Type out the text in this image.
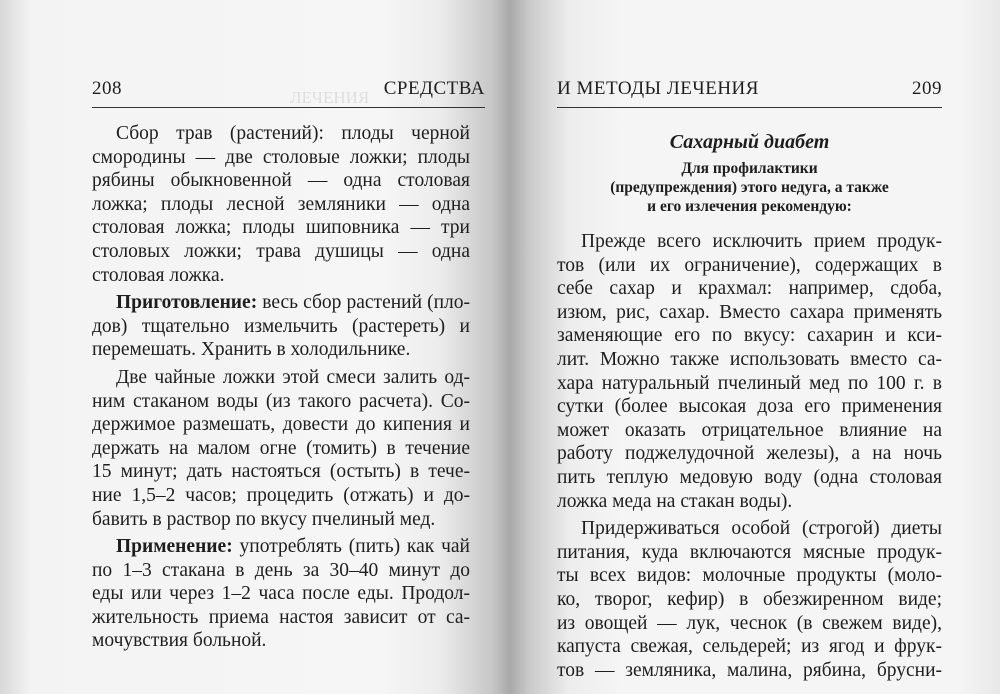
ЛЕЧЕНИЯ
208	СРЕДСТВА
Сбор трав (растений): плоды черной
смородины — две столовые ложки; плоды
рябины обыкновенной — одна столовая
ложка; плоды лесной земляники — одна
столовая ложка; плоды шиповника — три
столовых ложки; трава душицы — одна
столовая ложка.
Приготовление: весь сбор растений (пло-
дов) тщательно измельчить (растереть) и
перемешать. Хранить в холодильнике.
Две чайные ложки этой смеси залить од-
ним стаканом воды (из такого расчета). Со-
держимое размешать, довести до кипения и
держать на малом огне (томить) в течение
15 минут; дать настояться (остыть) в тече-
ние 1,5–2 часов; процедить (отжать) и до-
бавить в раствор по вкусу пчелиный мед.
Применение: употреблять (пить) как чай
по 1–3 стакана в день за 30–40 минут до
еды или через 1–2 часа после еды. Продол-
жительность приема настоя зависит от са-
мочувствия больной.
И МЕТОДЫ ЛЕЧЕНИЯ	209
Сахарный диабет
Для профилактики
(предупреждения) этого недуга, а также
и его излечения рекомендую:
Прежде всего исключить прием продук-
тов (или их ограничение), содержащих в
себе сахар и крахмал: например, сдоба,
изюм, рис, сахар. Вместо сахара применять
заменяющие его по вкусу: сахарин и кси-
лит. Можно также использовать вместо са-
хара натуральный пчелиный мед по 100 г. в
сутки (более высокая доза его применения
может оказать отрицательное влияние на
работу поджелудочной железы), а на ночь
пить теплую медовую воду (одна столовая
ложка меда на стакан воды).
Придерживаться особой (строгой) диеты
питания, куда включаются мясные продук-
ты всех видов: молочные продукты (моло-
ко, творог, кефир) в обезжиренном виде;
из овощей — лук, чеснок (в свежем виде),
капуста свежая, сельдерей; из ягод и фрук-
тов — земляника, малина, рябина, брусни-
